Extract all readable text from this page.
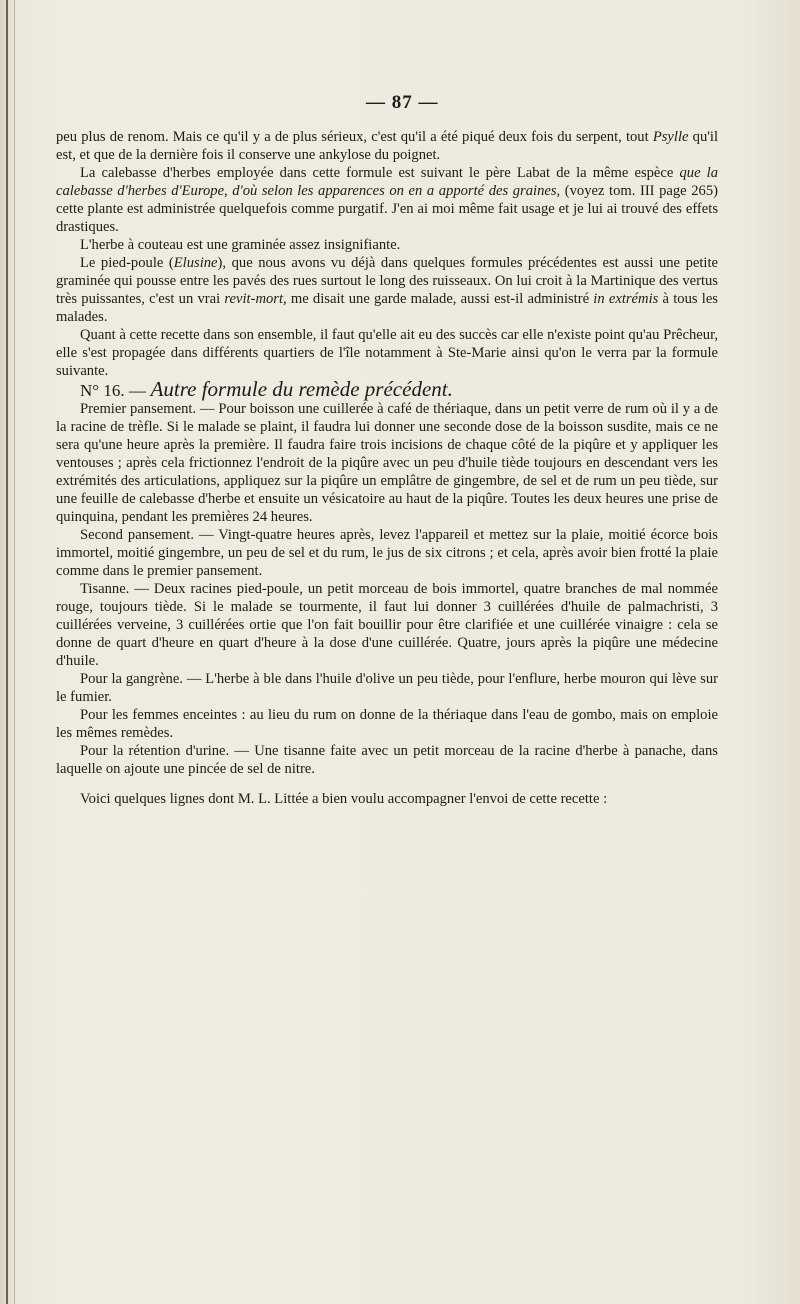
— 87 —

peu plus de renom. Mais ce qu'il y a de plus sérieux, c'est qu'il a été piqué deux fois du serpent, tout Psylle qu'il est, et que de la dernière fois il conserve une ankylose du poignet.

La calebasse d'herbes employée dans cette formule est suivant le père Labat de la même espèce que la calebasse d'herbes d'Europe, d'où selon les apparences on en a apporté des graines, (voyez tom. III page 265) cette plante est administrée quelquefois comme purgatif. J'en ai moi même fait usage et je lui ai trouvé des effets drastiques.

L'herbe à couteau est une graminée assez insignifiante.

Le pied-poule (Elusine), que nous avons vu déjà dans quelques formules précédentes est aussi une petite graminée qui pousse entre les pavés des rues surtout le long des ruisseaux. On lui croit à la Martinique des vertus très puissantes, c'est un vrai revit-mort, me disait une garde malade, aussi est-il administré in extrémis à tous les malades.

Quant à cette recette dans son ensemble, il faut qu'elle ait eu des succès car elle n'existe point qu'au Prêcheur, elle s'est propagée dans différents quartiers de l'île notamment à Ste-Marie ainsi qu'on le verra par la formule suivante.

N° 16. — Autre formule du remède précédent.

Premier pansement. — Pour boisson une cuillerée à café de thériaque, dans un petit verre de rum où il y a de la racine de trèfle. Si le malade se plaint, il faudra lui donner une seconde dose de la boisson susdite, mais ce ne sera qu'une heure après la première. Il faudra faire trois incisions de chaque côté de la piqûre et y appliquer les ventouses ; après cela frictionnez l'endroit de la piqûre avec un peu d'huile tiède toujours en descendant vers les extrémités des articulations, appliquez sur la piqûre un emplâtre de gingembre, de sel et de rum un peu tiède, sur une feuille de calebasse d'herbe et ensuite un vésicatoire au haut de la piqûre. Toutes les deux heures une prise de quinquina, pendant les premières 24 heures.

Second pansement. — Vingt-quatre heures après, levez l'appareil et mettez sur la plaie, moitié écorce bois immortel, moitié gingembre, un peu de sel et du rum, le jus de six citrons ; et cela, après avoir bien frotté la plaie comme dans le premier pansement.

Tisanne. — Deux racines pied-poule, un petit morceau de bois immortel, quatre branches de mal nommée rouge, toujours tiède. Si le malade se tourmente, il faut lui donner 3 cuillérées d'huile de palmachristi, 3 cuillérées verveine, 3 cuillérées ortie que l'on fait bouillir pour être clarifiée et une cuillérée vinaigre : cela se donne de quart d'heure en quart d'heure à la dose d'une cuillérée. Quatre, jours après la piqûre une médecine d'huile.

Pour la gangrène. — L'herbe à ble dans l'huile d'olive un peu tiède, pour l'enflure, herbe mouron qui lève sur le fumier.

Pour les femmes enceintes : au lieu du rum on donne de la thériaque dans l'eau de gombo, mais on emploie les mêmes remèdes.

Pour la rétention d'urine. — Une tisanne faite avec un petit morceau de la racine d'herbe à panache, dans laquelle on ajoute une pincée de sel de nitre.

Voici quelques lignes dont M. L. Littée a bien voulu accompagner l'envoi de cette recette :
